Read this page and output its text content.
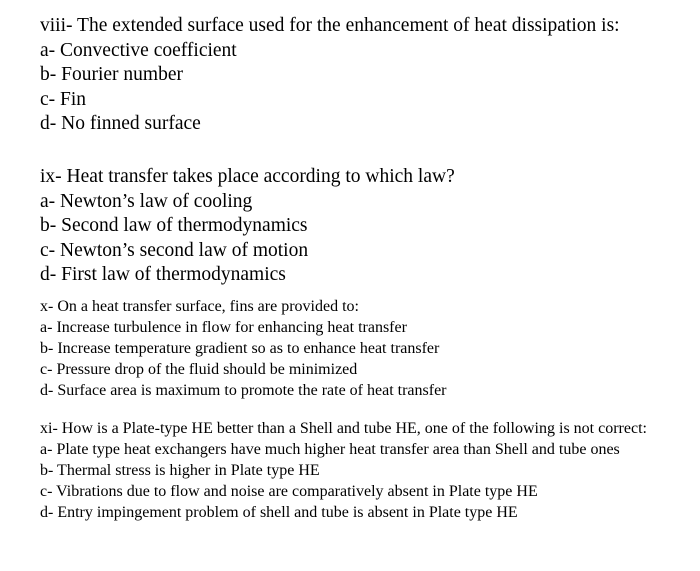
viii- The extended surface used for the enhancement of heat dissipation is:
a- Convective coefficient
b- Fourier number
c- Fin
d- No finned surface
ix- Heat transfer takes place according to which law?
a- Newton’s law of cooling
b- Second law of thermodynamics
c- Newton’s second law of motion
d- First law of thermodynamics
x- On a heat transfer surface, fins are provided to:
a- Increase turbulence in flow for enhancing heat transfer
b- Increase temperature gradient so as to enhance heat transfer
c- Pressure drop of the fluid should be minimized
d- Surface area is maximum to promote the rate of heat transfer
xi- How is a Plate-type HE better than a Shell and tube HE, one of the following is not correct:
a- Plate type heat exchangers have much higher heat transfer area than Shell and tube ones
b- Thermal stress is higher in Plate type HE
c- Vibrations due to flow and noise are comparatively absent in Plate type HE
d- Entry impingement problem of shell and tube is absent in Plate type HE
